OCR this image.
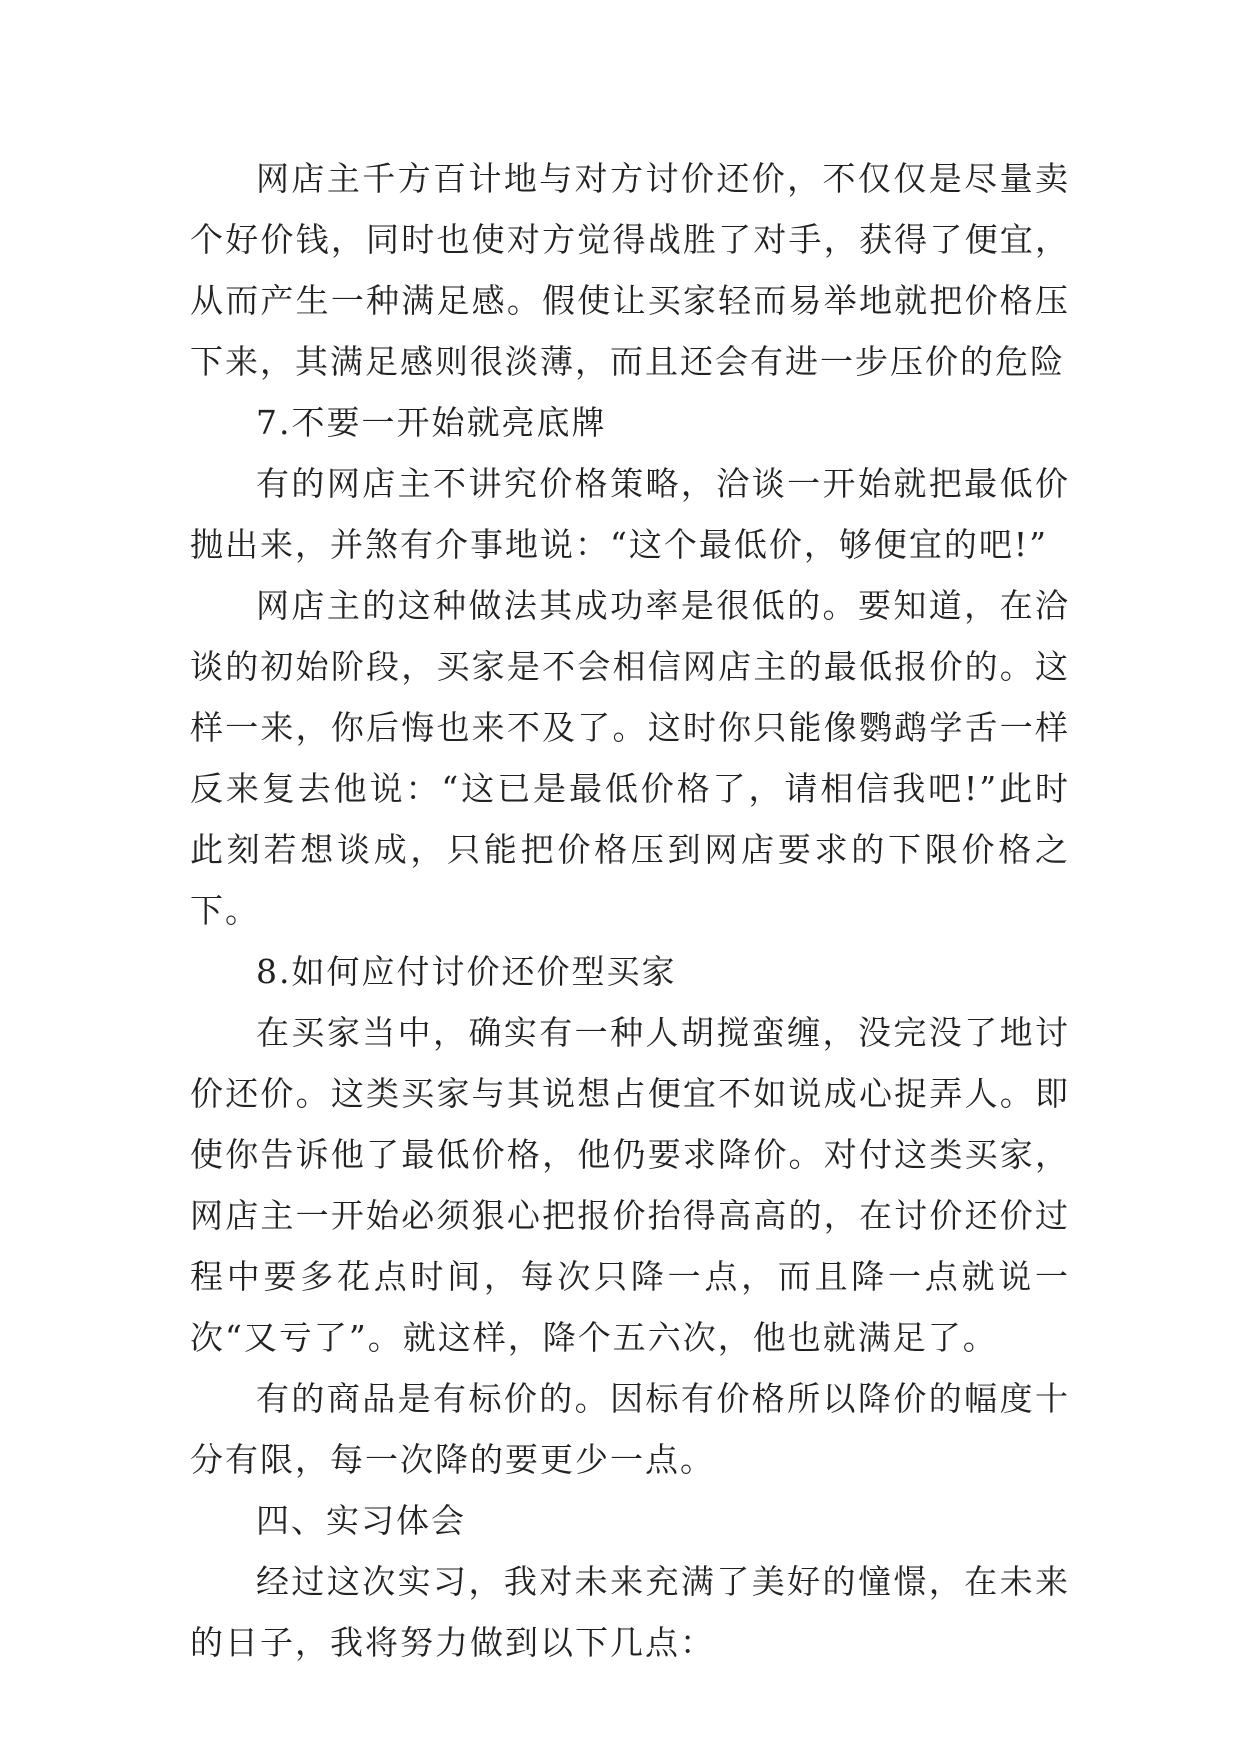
网店主千方百计地与对方讨价还价，不仅仅是尽量卖个好价钱，同时也使对方觉得战胜了对手，获得了便宜，从而产生一种满足感。假使让买家轻而易举地就把价格压下来，其满足感则很淡薄，而且还会有进一步压价的危险

7.不要一开始就亮底牌

有的网店主不讲究价格策略，洽谈一开始就把最低价抛出来，并煞有介事地说：“这个最低价，够便宜的吧!”

网店主的这种做法其成功率是很低的。要知道，在洽谈的初始阶段，买家是不会相信网店主的最低报价的。这样一来，你后悔也来不及了。这时你只能像鹦鹉学舌一样反来复去他说：“这已是最低价格了，请相信我吧!”此时此刻若想谈成，只能把价格压到网店要求的下限价格之下。

8.如何应付讨价还价型买家

在买家当中，确实有一种人胡搅蛮缠，没完没了地讨价还价。这类买家与其说想占便宜不如说成心捉弄人。即使你告诉他了最低价格，他仍要求降价。对付这类买家，网店主一开始必须狠心把报价抬得高高的，在讨价还价过程中要多花点时间，每次只降一点，而且降一点就说一次“又亏了”。就这样，降个五六次，他也就满足了。

有的商品是有标价的。因标有价格所以降价的幅度十分有限，每一次降的要更少一点。

四、实习体会

经过这次实习，我对未来充满了美好的憧憬，在未来的日子，我将努力做到以下几点：
